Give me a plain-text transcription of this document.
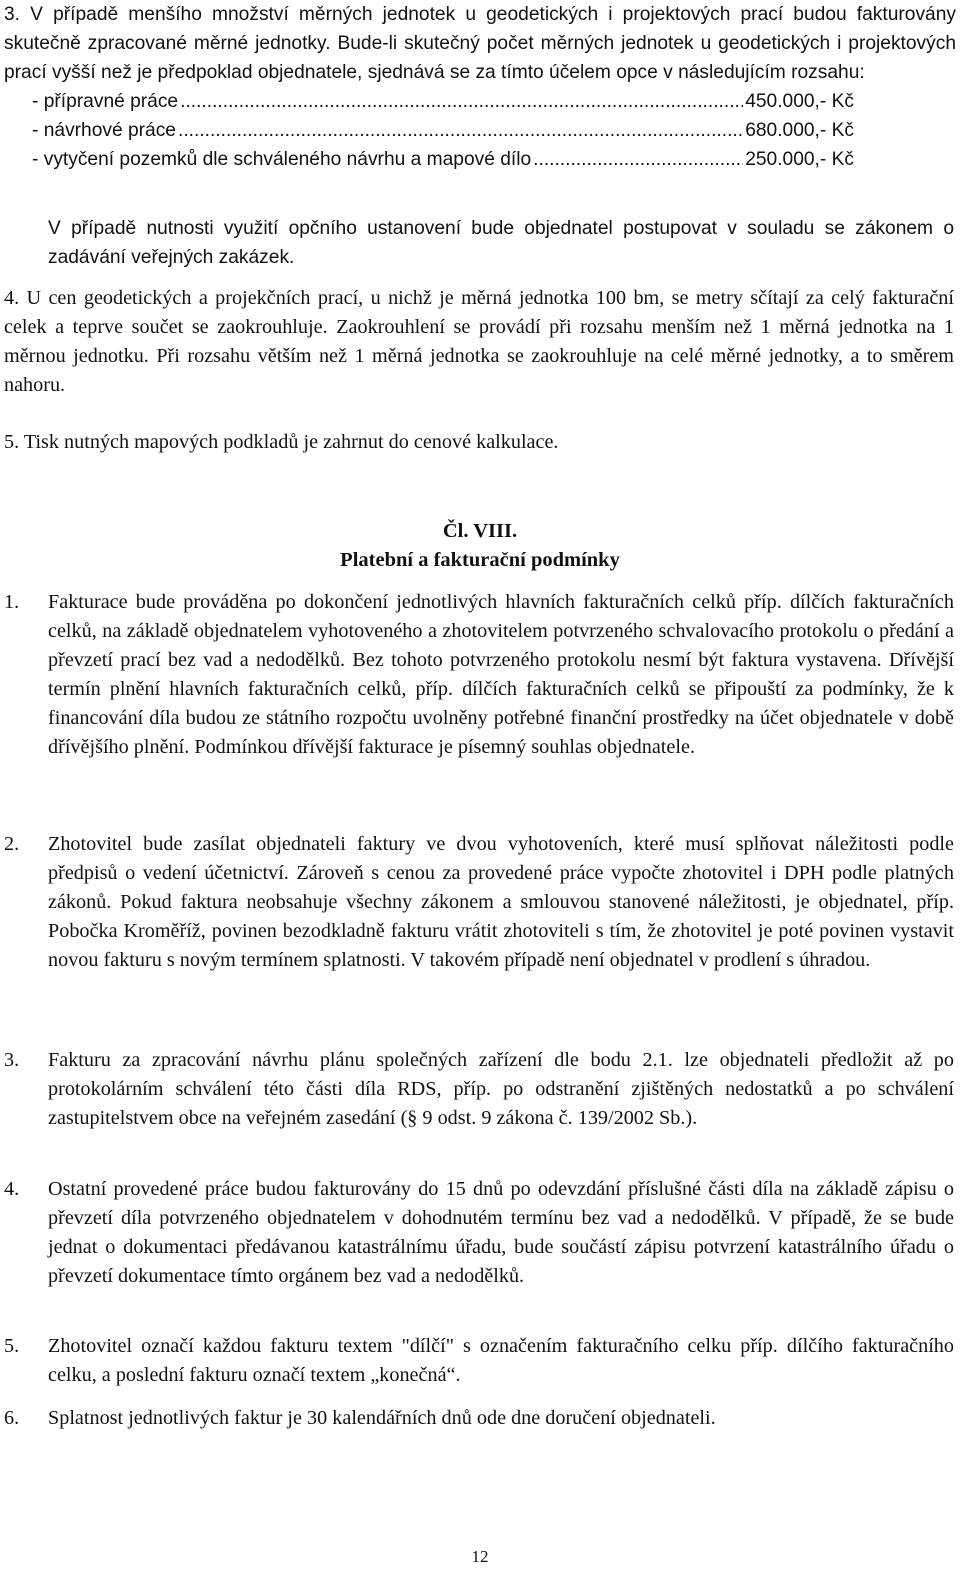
3. V případě menšího množství měrných jednotek u geodetických i projektových prací budou fakturovány skutečně zpracované měrné jednotky. Bude-li skutečný počet měrných jednotek u geodetických i projektových prací vyšší než je předpoklad objednatele, sjednává se za tímto účelem opce v následujícím rozsahu:

- přípravné práce .....	450.000,- Kč
- návrhové práce .....	680.000,- Kč
- vytyčení pozemků dle schváleného návrhu a mapové dílo .....	250.000,- Kč
V případě nutnosti využití opčního ustanovení bude objednatel postupovat v souladu se zákonem o zadávání veřejných zakázek.
4. U cen geodetických a projekčních prací, u nichž je měrná jednotka 100 bm, se metry sčítají za celý fakturační celek a teprve součet se zaokrouhluje. Zaokrouhlení se provádí při rozsahu menším než 1 měrná jednotka na 1 měrnou jednotku. Při rozsahu větším než 1 měrná jednotka se zaokrouhluje na celé měrné jednotky, a to směrem nahoru.
5. Tisk nutných mapových podkladů je zahrnut do cenové kalkulace.
Čl. VIII.
Platební a fakturační podmínky
1.	Fakturace bude prováděna po dokončení jednotlivých hlavních fakturačních celků příp. dílčích fakturačních celků, na základě objednatelem vyhotoveného a zhotovitelem potvrzeného schvalovacího protokolu o předání a převzetí prací bez vad a nedodělků. Bez tohoto potvrzeného protokolu nesmí být faktura vystavena. Dřívější termín plnění hlavních fakturačních celků, příp. dílčích fakturačních celků se připouští za podmínky, že k financování díla budou ze státního rozpočtu uvolněny potřebné finanční prostředky na účet objednatele v době dřívějšího plnění. Podmínkou dřívější fakturace je písemný souhlas objednatele.
2.	Zhotovitel bude zasílat objednateli faktury ve dvou vyhotoveních, které musí splňovat náležitosti podle předpisů o vedení účetnictví. Zároveň s cenou za provedené práce vypočte zhotovitel i DPH podle platných zákonů. Pokud faktura neobsahuje všechny zákonem a smlouvou stanovené náležitosti, je objednatel, příp. Pobočka Kroměříž, povinen bezodkladně fakturu vrátit zhotoviteli s tím, že zhotovitel je poté povinen vystavit novou fakturu s novým termínem splatnosti. V takovém případě není objednatel v prodlení s úhradou.
3.	Fakturu za zpracování návrhu plánu společných zařízení dle bodu 2.1. lze objednateli předložit až po protokolárním schválení této části díla RDS, příp. po odstranění zjištěných nedostatků a po schválení zastupitelstvem obce na veřejném zasedání (§ 9 odst. 9 zákona č. 139/2002 Sb.).
4.	Ostatní provedené práce budou fakturovány do 15 dnů po odevzdání příslušné části díla na základě zápisu o převzetí díla potvrzeného objednatelem v dohodnutém termínu bez vad a nedodělků. V případě, že se bude jednat o dokumentaci předávanou katastrálnímu úřadu, bude součástí zápisu potvrzení katastrálního úřadu o převzetí dokumentace tímto orgánem bez vad a nedodělků.
5.	Zhotovitel označí každou fakturu textem "dílčí" s označením fakturačního celku příp. dílčího fakturačního celku, a poslední fakturu označí textem „konečná“.
6.	Splatnost jednotlivých faktur je 30 kalendářních dnů ode dne doručení objednateli.
12
